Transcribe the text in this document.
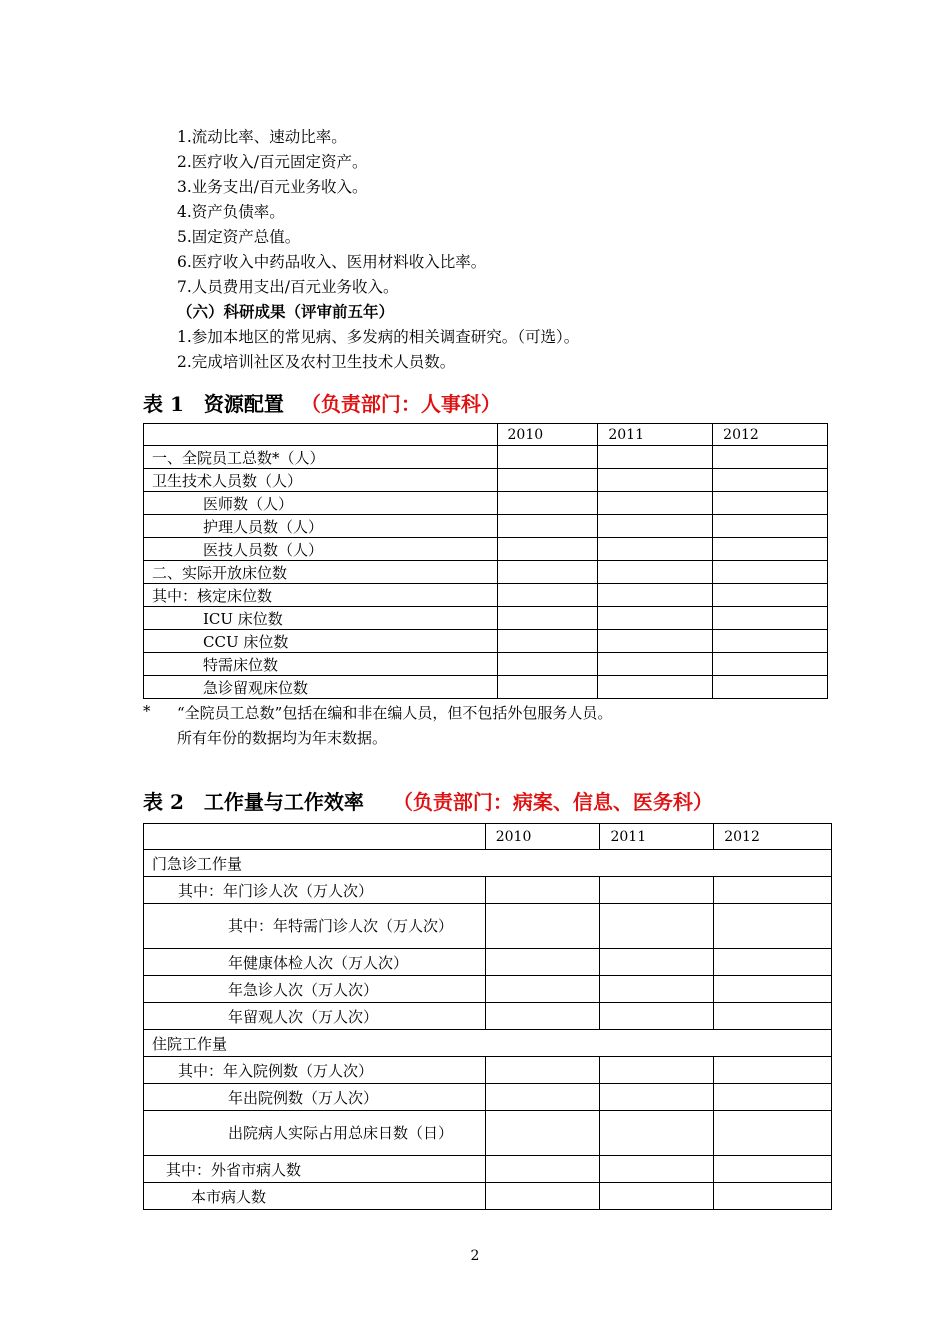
1.流动比率、速动比率。
2.医疗收入/百元固定资产。
3.业务支出/百元业务收入。
4.资产负债率。
5.固定资产总值。
6.医疗收入中药品收入、医用材料收入比率。
7.人员费用支出/百元业务收入。
（六）科研成果（评审前五年）
1.参加本地区的常见病、多发病的相关调查研究。（可选）。
2.完成培训社区及农村卫生技术人员数。
表 1　资源配置 （负责部门：人事科）
	2010	2011	2012
一、全院员工总数*（人）			
卫生技术人员数（人）			
医师数（人）			
护理人员数（人）			
医技人员数（人）			
二、实际开放床位数			
其中：核定床位数			
ICU 床位数			
CCU 床位数			
特需床位数			
急诊留观床位数			
* “全院员工总数”包括在编和非在编人员，但不包括外包服务人员。
所有年份的数据均为年末数据。
表 2　工作量与工作效率 （负责部门：病案、信息、医务科）
	2010	2011	2012
门急诊工作量			
其中：年门诊人次（万人次）			
其中：年特需门诊人次（万人次）			
年健康体检人次（万人次）			
年急诊人次（万人次）			
年留观人次（万人次）			
住院工作量			
其中：年入院例数（万人次）			
年出院例数（万人次）			
出院病人实际占用总床日数（日）			
其中：外省市病人数			
本市病人数			
2
